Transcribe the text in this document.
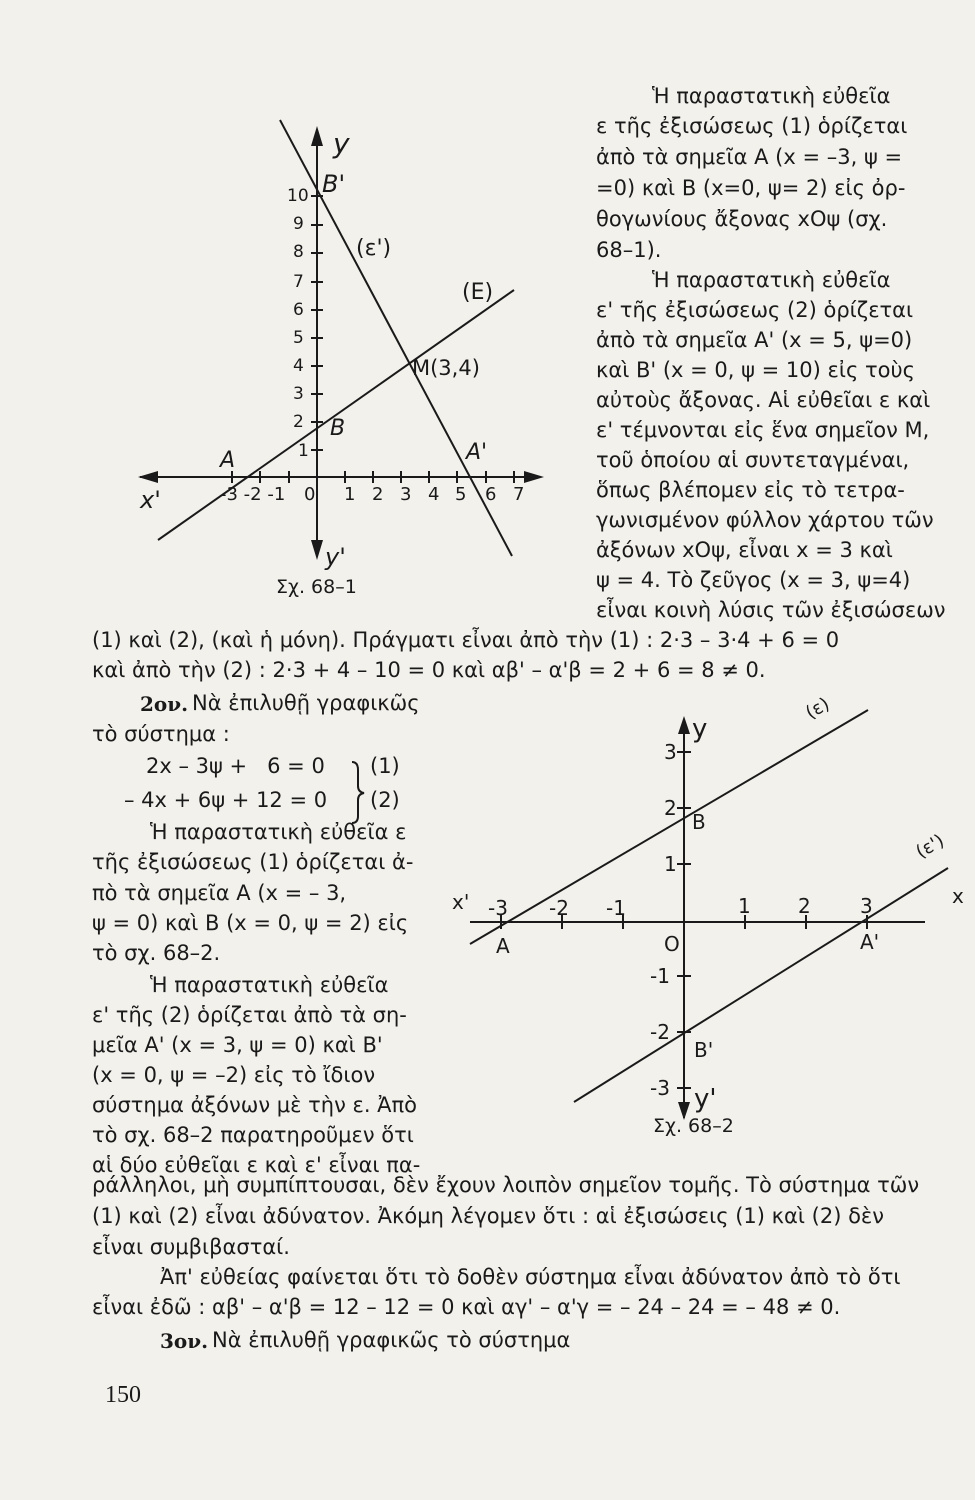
y
y'
x'
10
9
8
7
6
5
4
3
2
1
-3 -2 -1 0 1 2 3 4 5 6 7
B'
(ε')
(E)
M(3,4)
B
A	A'
Σχ. 68–1
Ἡ παραστατικὴ εὐθεῖα
ε τῆς ἐξισώσεως (1) ὁρίζεται
ἀπὸ τὰ σημεῖα Α (x = –3, ψ =
=0) καὶ Β (x=0, ψ= 2) εἰς ὀρ-
θογωνίους ἄξονας xOψ (σχ.
68–1).
Ἡ παραστατικὴ εὐθεῖα
ε' τῆς ἐξισώσεως (2) ὁρίζεται
ἀπὸ τὰ σημεῖα Α' (x = 5, ψ=0)
καὶ Β' (x = 0, ψ = 10) εἰς τοὺς
αὐτοὺς ἄξονας. Αἱ εὐθεῖαι ε καὶ
ε' τέμνονται εἰς ἕνα σημεῖον Μ,
τοῦ ὁποίου αἱ συντεταγμέναι,
ὅπως βλέπομεν εἰς τὸ τετρα-
γωνισμένον φύλλον χάρτου τῶν
ἀξόνων xOψ, εἶναι x = 3 καὶ
ψ = 4. Τὸ ζεῦγος (x = 3, ψ=4)
εἶναι κοινὴ λύσις τῶν ἐξισώσεων
(1) καὶ (2), (καὶ ἡ μόνη). Πράγματι εἶναι ἀπὸ τὴν (1) : 2·3 – 3·4 + 6 = 0
καὶ ἀπὸ τὴν (2) : 2·3 + 4 – 10 = 0 καὶ αβ' – α'β = 2 + 6 = 8 ≠ 0.
2ον. Νὰ ἐπιλυθῇ γραφικῶς
τὸ σύστημα :
2x – 3ψ +   6 = 0
– 4x + 6ψ + 12 = 0
(1)
(2)
Ἡ παραστατικὴ εὐθεῖα ε
τῆς ἐξισώσεως (1) ὁρίζεται ἀ-
πὸ τὰ σημεῖα Α (x = – 3,
ψ = 0) καὶ Β (x = 0, ψ = 2) εἰς
τὸ σχ. 68–2.
Ἡ παραστατικὴ εὐθεῖα
ε' τῆς (2) ὁρίζεται ἀπὸ τὰ ση-
μεῖα Α' (x = 3, ψ = 0) καὶ Β'
(x = 0, ψ = –2) εἰς τὸ ἴδιον
σύστημα ἀξόνων μὲ τὴν ε. Ἀπὸ
τὸ σχ. 68–2 παρατηροῦμεν ὅτι
αἱ δύο εὐθεῖαι ε καὶ ε' εἶναι πα-
(ε)
(ε')
y
y'
x
x'
3
2
1
-1
-2
-3
-3 -2 -1	1 2 3
O
A
B
A'
B'
Σχ. 68–2
ράλληλοι, μὴ συμπίπτουσαι, δὲν ἔχουν λοιπὸν σημεῖον τομῆς. Τὸ σύστημα τῶν
(1) καὶ (2) εἶναι ἀδύνατον. Ἀκόμη λέγομεν ὅτι : αἱ ἐξισώσεις (1) καὶ (2) δὲν
εἶναι συμβιβασταί.
Ἀπ' εὐθείας φαίνεται ὅτι τὸ δοθὲν σύστημα εἶναι ἀδύνατον ἀπὸ τὸ ὅτι
εἶναι ἐδῶ : αβ' – α'β = 12 – 12 = 0 καὶ αγ' – α'γ = – 24 – 24 = – 48 ≠ 0.
3ον. Νὰ ἐπιλυθῇ γραφικῶς τὸ σύστημα
150
